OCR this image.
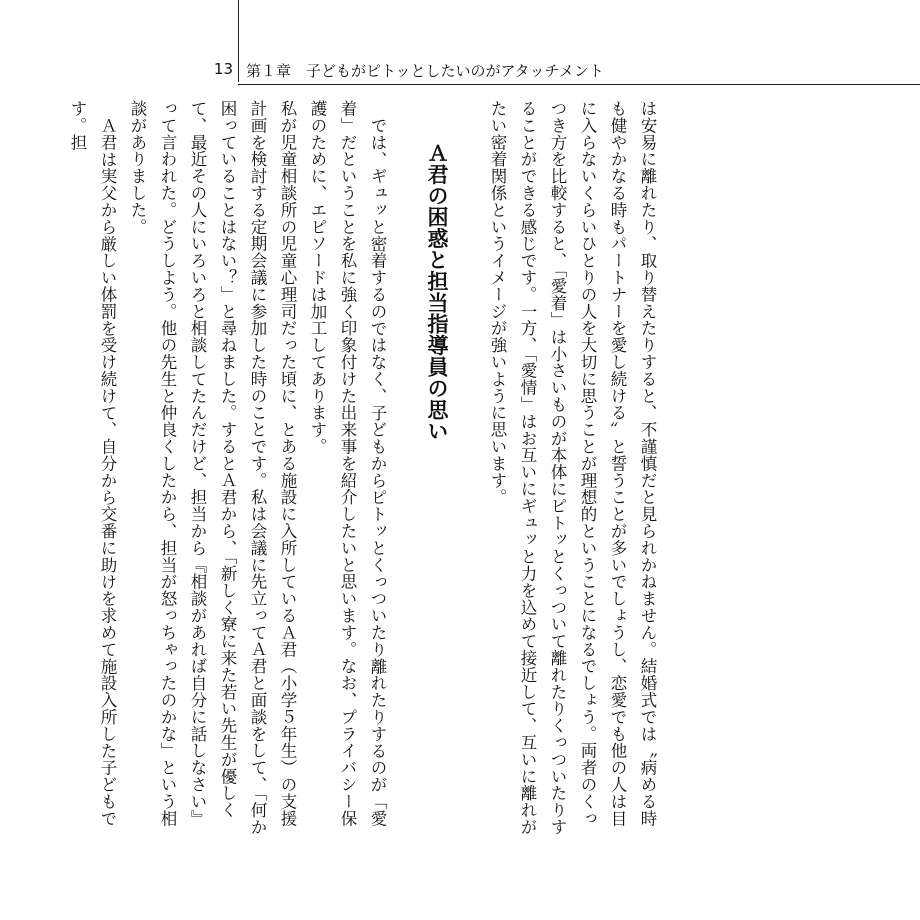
13 第１章　子どもがピトッとしたいのがアタッチメント

は安易に離れたり、取り替えたりすると、不謹慎だと見られかねません。結婚式では〝病める時も健やかなる時もパートナーを愛し続ける〟と誓うことが多いでしょうし、恋愛でも他の人は目に入らないくらいひとりの人を大切に思うことが理想的ということになるでしょう。両者のくっつき方を比較すると、「愛着」は小さいものが本体にピトッとくっついて離れたりくっついたりすることができる感じです。一方、「愛情」はお互いにギュッと力を込めて接近して、互いに離れがたい密着関係というイメージが強いように思います。

Ａ君の困惑と担当指導員の思い

では、ギュッと密着するのではなく、子どもからピトッとくっついたり離れたりするのが「愛着」だということを私に強く印象付けた出来事を紹介したいと思います。なお、プライバシー保護のために、エピソードは加工してあります。

私が児童相談所の児童心理司だった頃に、とある施設に入所しているＡ君（小学５年生）の支援計画を検討する定期会議に参加した時のことです。私は会議に先立ってＡ君と面談をして、「何か困っていることはない？」と尋ねました。するとＡ君から、「新しく寮に来た若い先生が優しくて、最近その人にいろいろと相談してたんだけど、担当から『相談があれば自分に話しなさい』って言われた。どうしよう。他の先生と仲良くしたから、担当が怒っちゃったのかな」という相談がありました。

Ａ君は実父から厳しい体罰を受け続けて、自分から交番に助けを求めて施設入所した子どもです。担
